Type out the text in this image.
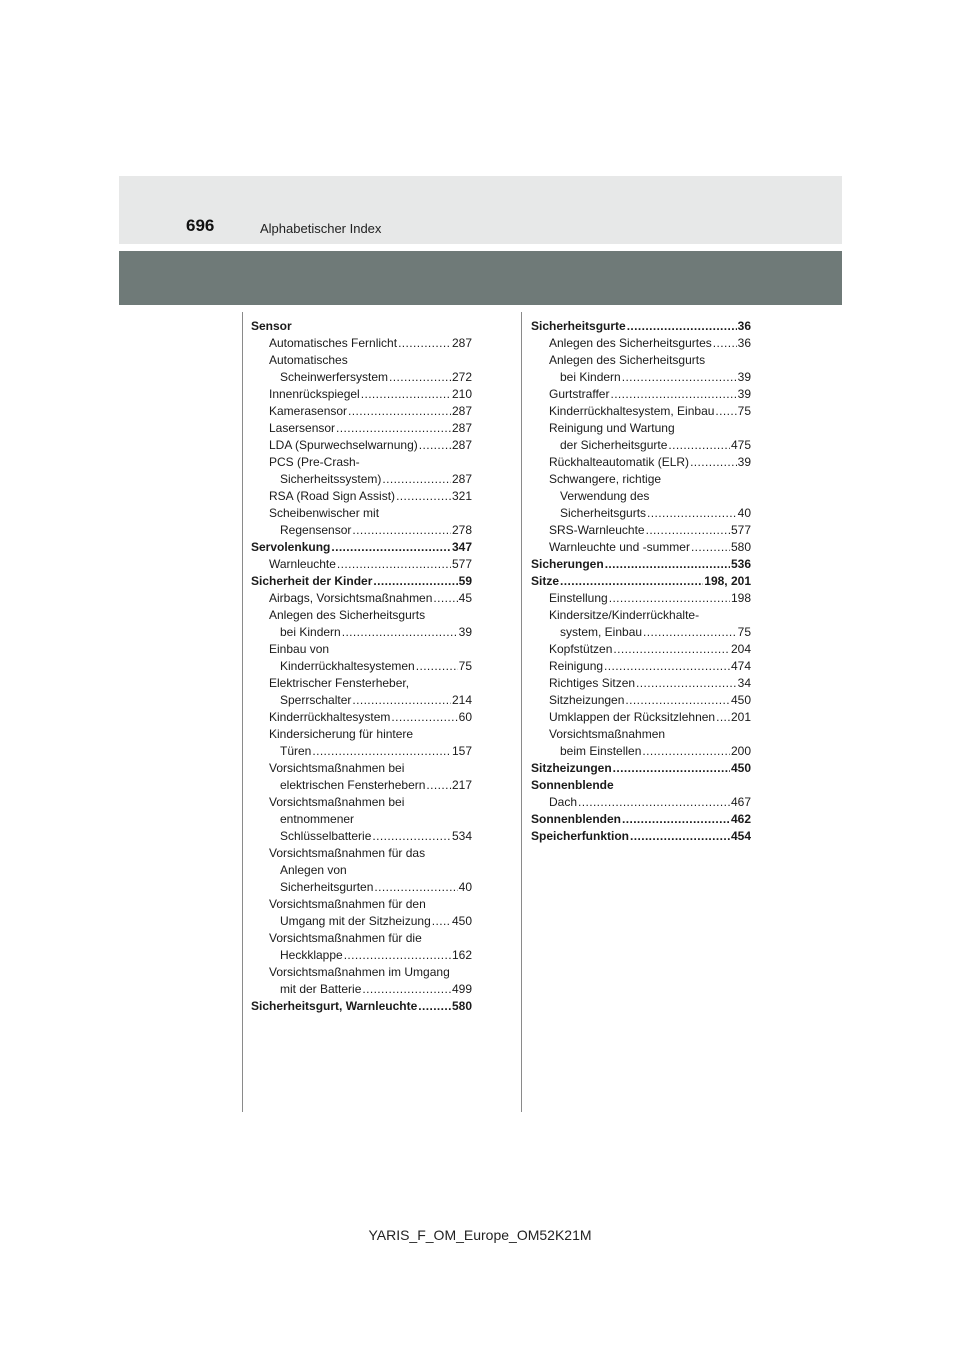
696	Alphabetischer Index
Sensor
Automatisches Fernlicht .....	287
Automatisches
Scheinwerfersystem .....	272
Innenrückspiegel .....	210
Kamerasensor .....	287
Lasersensor .....	287
LDA (Spurwechselwarnung) .....	287
PCS (Pre-Crash-
Sicherheitssystem) .....	287
RSA (Road Sign Assist) .....	321
Scheibenwischer mit
Regensensor .....	278
Servolenkung .....	347
Warnleuchte .....	577
Sicherheit der Kinder .....	59
Airbags, Vorsichtsmaßnahmen ..... 45
Anlegen des Sicherheitsgurts
bei Kindern .....	39
Einbau von
Kinderrückhaltesystemen .....	75
Elektrischer Fensterheber,
Sperrschalter .....	214
Kinderrückhaltesystem .....	60
Kindersicherung für hintere
Türen .....	157
Vorsichtsmaßnahmen bei
elektrischen Fensterhebern ..... 217
Vorsichtsmaßnahmen bei
entnommener
Schlüsselbatterie .....	534
Vorsichtsmaßnahmen für das
Anlegen von
Sicherheitsgurten .....	40
Vorsichtsmaßnahmen für den
Umgang mit der Sitzheizung ..... 450
Vorsichtsmaßnahmen für die
Heckklappe .....	162
Vorsichtsmaßnahmen im Umgang
mit der Batterie .....	499
Sicherheitsgurt, Warnleuchte .....	580
Sicherheitsgurte .....	36
Anlegen des Sicherheitsgurtes ..... 36
Anlegen des Sicherheitsgurts
bei Kindern .....	39
Gurtstraffer .....	39
Kinderrückhaltesystem, Einbau ..... 75
Reinigung und Wartung
der Sicherheitsgurte .....	475
Rückhalteautomatik (ELR) .....	39
Schwangere, richtige
Verwendung des
Sicherheitsgurts .....	40
SRS-Warnleuchte .....	577
Warnleuchte und -summer .....	580
Sicherungen .....	536
Sitze .....	198, 201
Einstellung .....	198
Kindersitze/Kinderrückhalte-
system, Einbau .....	75
Kopfstützen .....	204
Reinigung .....	474
Richtiges Sitzen .....	34
Sitzheizungen .....	450
Umklappen der Rücksitzlehnen ..... 201
Vorsichtsmaßnahmen
beim Einstellen .....	200
Sitzheizungen .....	450
Sonnenblende
Dach .....	467
Sonnenblenden .....	462
Speicherfunktion .....	454
YARIS_F_OM_Europe_OM52K21M
